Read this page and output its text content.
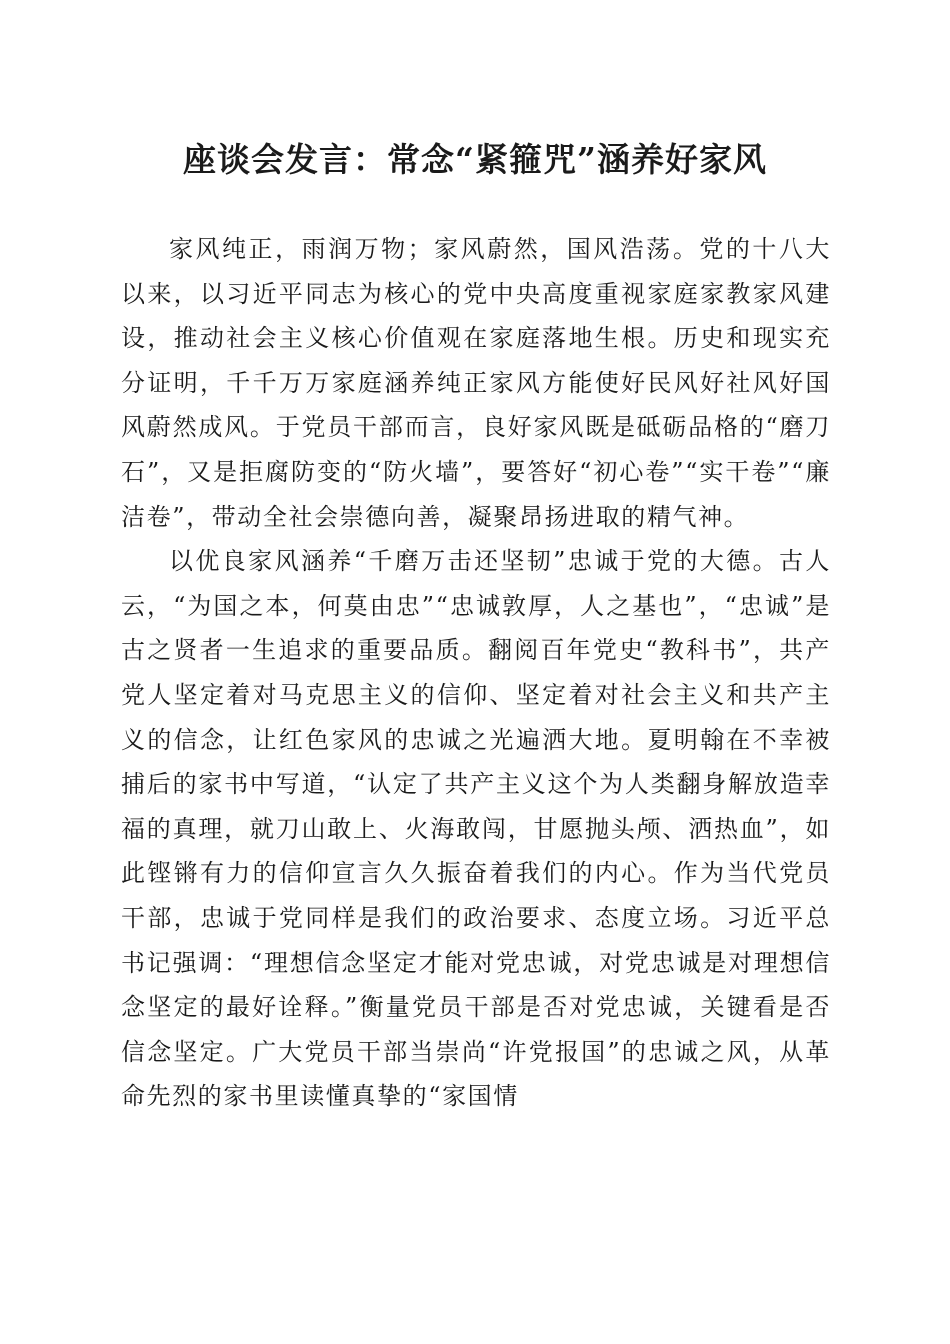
座谈会发言：常念“紧箍咒”涵养好家风

家风纯正，雨润万物；家风蔚然，国风浩荡。党的十八大以来，以习近平同志为核心的党中央高度重视家庭家教家风建设，推动社会主义核心价值观在家庭落地生根。历史和现实充分证明，千千万万家庭涵养纯正家风方能使好民风好社风好国风蔚然成风。于党员干部而言，良好家风既是砥砺品格的“磨刀石”，又是拒腐防变的“防火墙”，要答好“初心卷”“实干卷”“廉洁卷”，带动全社会崇德向善，凝聚昂扬进取的精气神。

以优良家风涵养“千磨万击还坚韧”忠诚于党的大德。古人云，“为国之本，何莫由忠”“忠诚敦厚，人之基也”，“忠诚”是古之贤者一生追求的重要品质。翻阅百年党史“教科书”，共产党人坚定着对马克思主义的信仰、坚定着对社会主义和共产主义的信念，让红色家风的忠诚之光遍洒大地。夏明翰在不幸被捕后的家书中写道，“认定了共产主义这个为人类翻身解放造幸福的真理，就刀山敢上、火海敢闯，甘愿抛头颅、洒热血”，如此铿锵有力的信仰宣言久久振奋着我们的内心。作为当代党员干部，忠诚于党同样是我们的政治要求、态度立场。习近平总书记强调：“理想信念坚定才能对党忠诚，对党忠诚是对理想信念坚定的最好诠释。”衡量党员干部是否对党忠诚，关键看是否信念坚定。广大党员干部当崇尚“许党报国”的忠诚之风，从革命先烈的家书里读懂真挚的“家国情
